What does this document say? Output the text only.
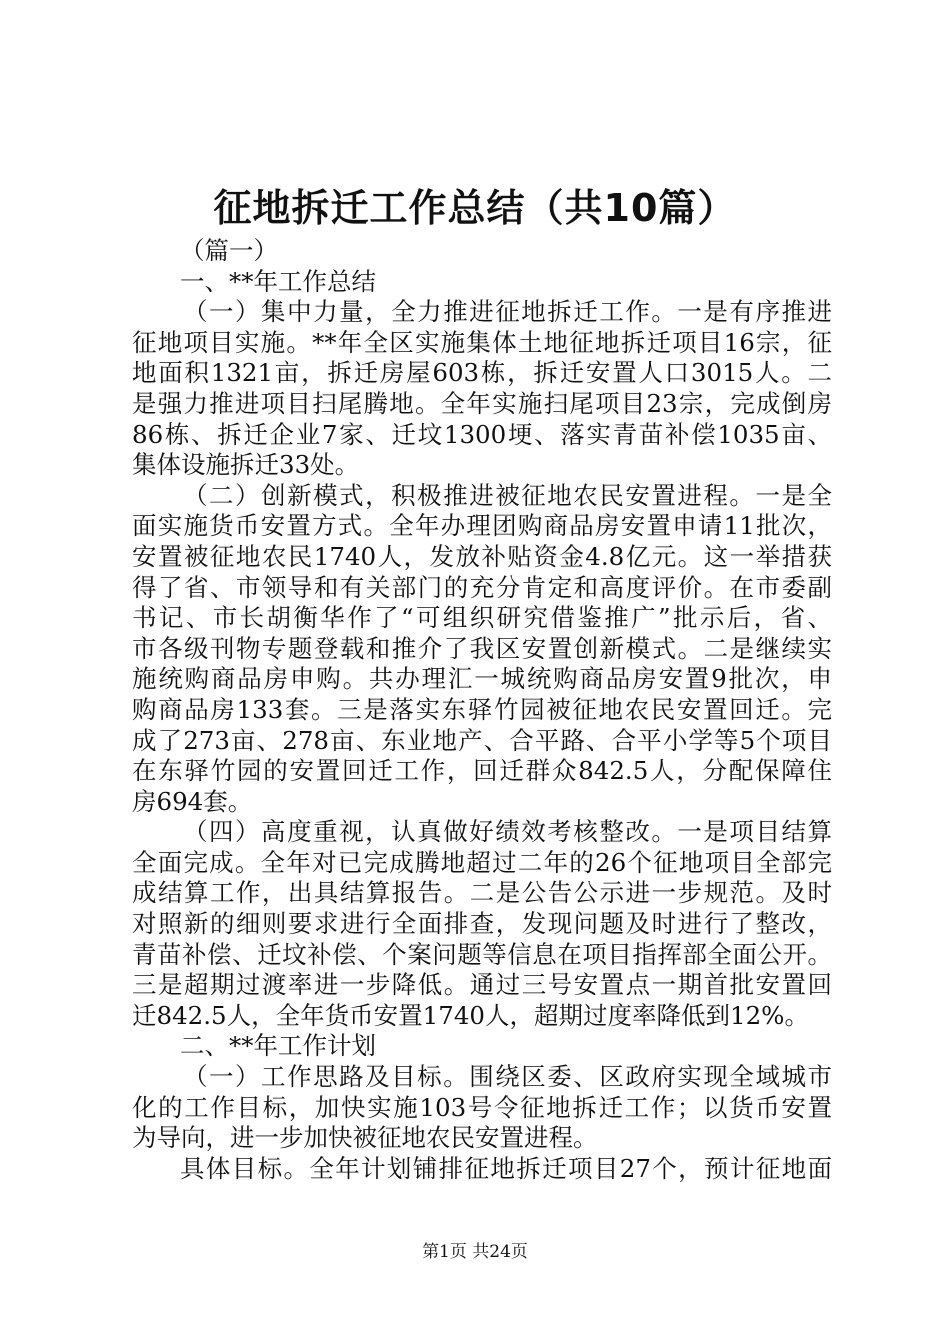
征地拆迁工作总结（共10篇）
（篇一）
一、**年工作总结
（一）集中力量，全力推进征地拆迁工作。一是有序推进
征地项目实施。**年全区实施集体土地征地拆迁项目16宗，征
地面积1321亩，拆迁房屋603栋，拆迁安置人口3015人。二
是强力推进项目扫尾腾地。全年实施扫尾项目23宗，完成倒房
86栋、拆迁企业7家、迁坟1300埂、落实青苗补偿1035亩、
集体设施拆迁33处。
（二）创新模式，积极推进被征地农民安置进程。一是全
面实施货币安置方式。全年办理团购商品房安置申请11批次，
安置被征地农民1740人，发放补贴资金4.8亿元。这一举措获
得了省、市领导和有关部门的充分肯定和高度评价。在市委副
书记、市长胡衡华作了“可组织研究借鉴推广”批示后，省、
市各级刊物专题登载和推介了我区安置创新模式。二是继续实
施统购商品房申购。共办理汇一城统购商品房安置9批次，申
购商品房133套。三是落实东驿竹园被征地农民安置回迁。完
成了273亩、278亩、东业地产、合平路、合平小学等5个项目
在东驿竹园的安置回迁工作，回迁群众842.5人，分配保障住
房694套。
（四）高度重视，认真做好绩效考核整改。一是项目结算
全面完成。全年对已完成腾地超过二年的26个征地项目全部完
成结算工作，出具结算报告。二是公告公示进一步规范。及时
对照新的细则要求进行全面排查，发现问题及时进行了整改，
青苗补偿、迁坟补偿、个案问题等信息在项目指挥部全面公开。
三是超期过渡率进一步降低。通过三号安置点一期首批安置回
迁842.5人，全年货币安置1740人，超期过度率降低到12%。
二、**年工作计划
（一）工作思路及目标。围绕区委、区政府实现全域城市
化的工作目标，加快实施103号令征地拆迁工作；以货币安置
为导向，进一步加快被征地农民安置进程。
具体目标。全年计划铺排征地拆迁项目27个，预计征地面
第1页 共24页
